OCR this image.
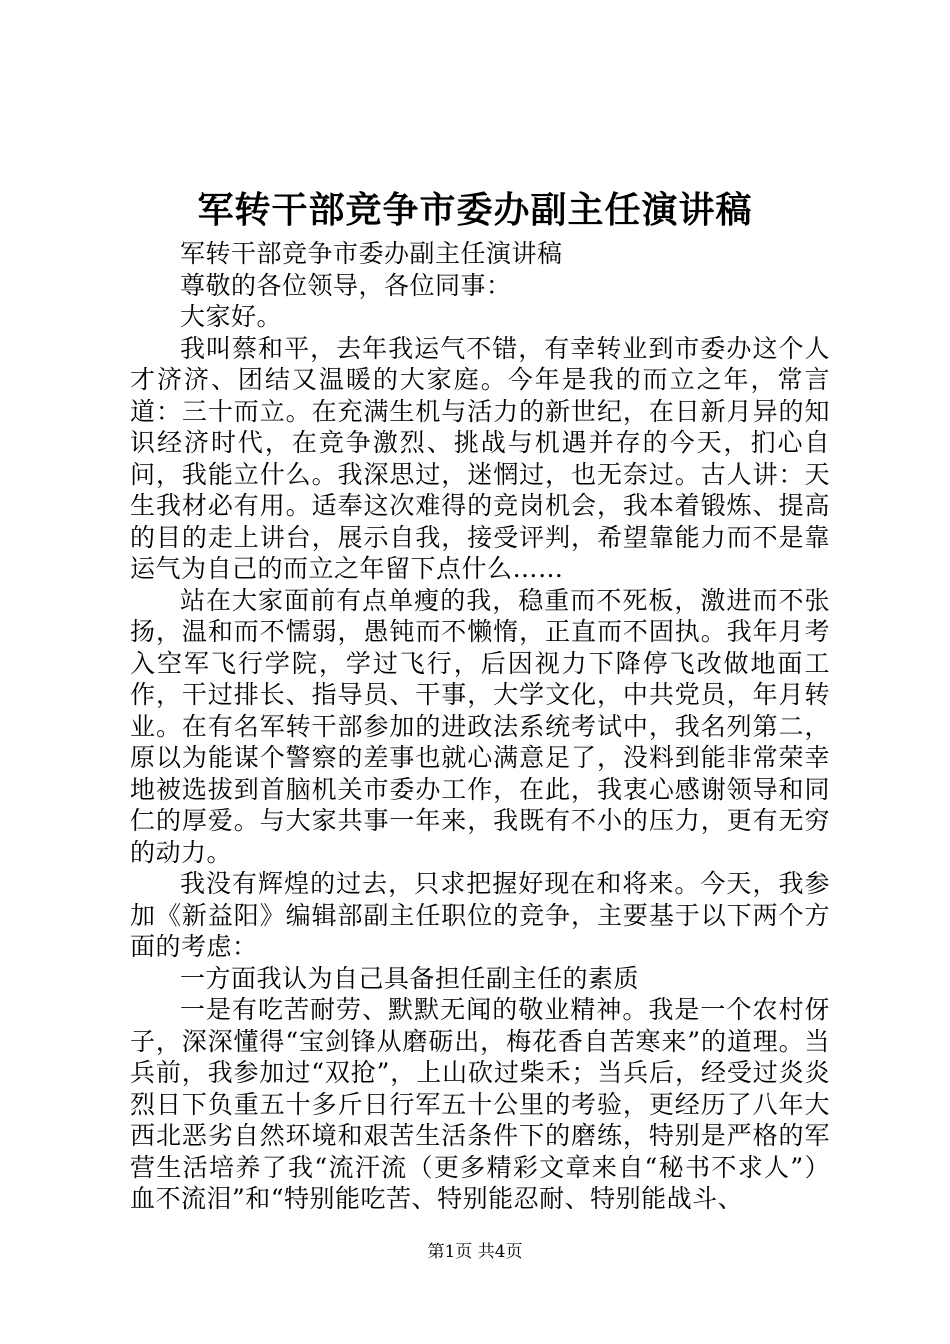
军转干部竞争市委办副主任演讲稿

军转干部竞争市委办副主任演讲稿

尊敬的各位领导，各位同事：

大家好。

我叫蔡和平，去年我运气不错，有幸转业到市委办这个人才济济、团结又温暖的大家庭。今年是我的而立之年，常言道：三十而立。在充满生机与活力的新世纪，在日新月异的知识经济时代，在竞争激烈、挑战与机遇并存的今天，扪心自问，我能立什么。我深思过，迷惘过，也无奈过。古人讲：天生我材必有用。适奉这次难得的竞岗机会，我本着锻炼、提高的目的走上讲台，展示自我，接受评判，希望靠能力而不是靠运气为自己的而立之年留下点什么……

站在大家面前有点单瘦的我，稳重而不死板，激进而不张扬，温和而不懦弱，愚钝而不懒惰，正直而不固执。我年月考入空军飞行学院，学过飞行，后因视力下降停飞改做地面工作，干过排长、指导员、干事，大学文化，中共党员，年月转业。在有名军转干部参加的进政法系统考试中，我名列第二，原以为能谋个警察的差事也就心满意足了，没料到能非常荣幸地被选拔到首脑机关市委办工作，在此，我衷心感谢领导和同仁的厚爱。与大家共事一年来，我既有不小的压力，更有无穷的动力。

我没有辉煌的过去，只求把握好现在和将来。今天，我参加《新益阳》编辑部副主任职位的竞争，主要基于以下两个方面的考虑：

一方面我认为自己具备担任副主任的素质

一是有吃苦耐劳、默默无闻的敬业精神。我是一个农村伢子，深深懂得“宝剑锋从磨砺出，梅花香自苦寒来”的道理。当兵前，我参加过“双抢”，上山砍过柴禾；当兵后，经受过炎炎烈日下负重五十多斤日行军五十公里的考验，更经历了八年大西北恶劣自然环境和艰苦生活条件下的磨练，特别是严格的军营生活培养了我“流汗流（更多精彩文章来自“秘书不求人”）血不流泪”和“特别能吃苦、特别能忍耐、特别能战斗、

第1页 共4页
